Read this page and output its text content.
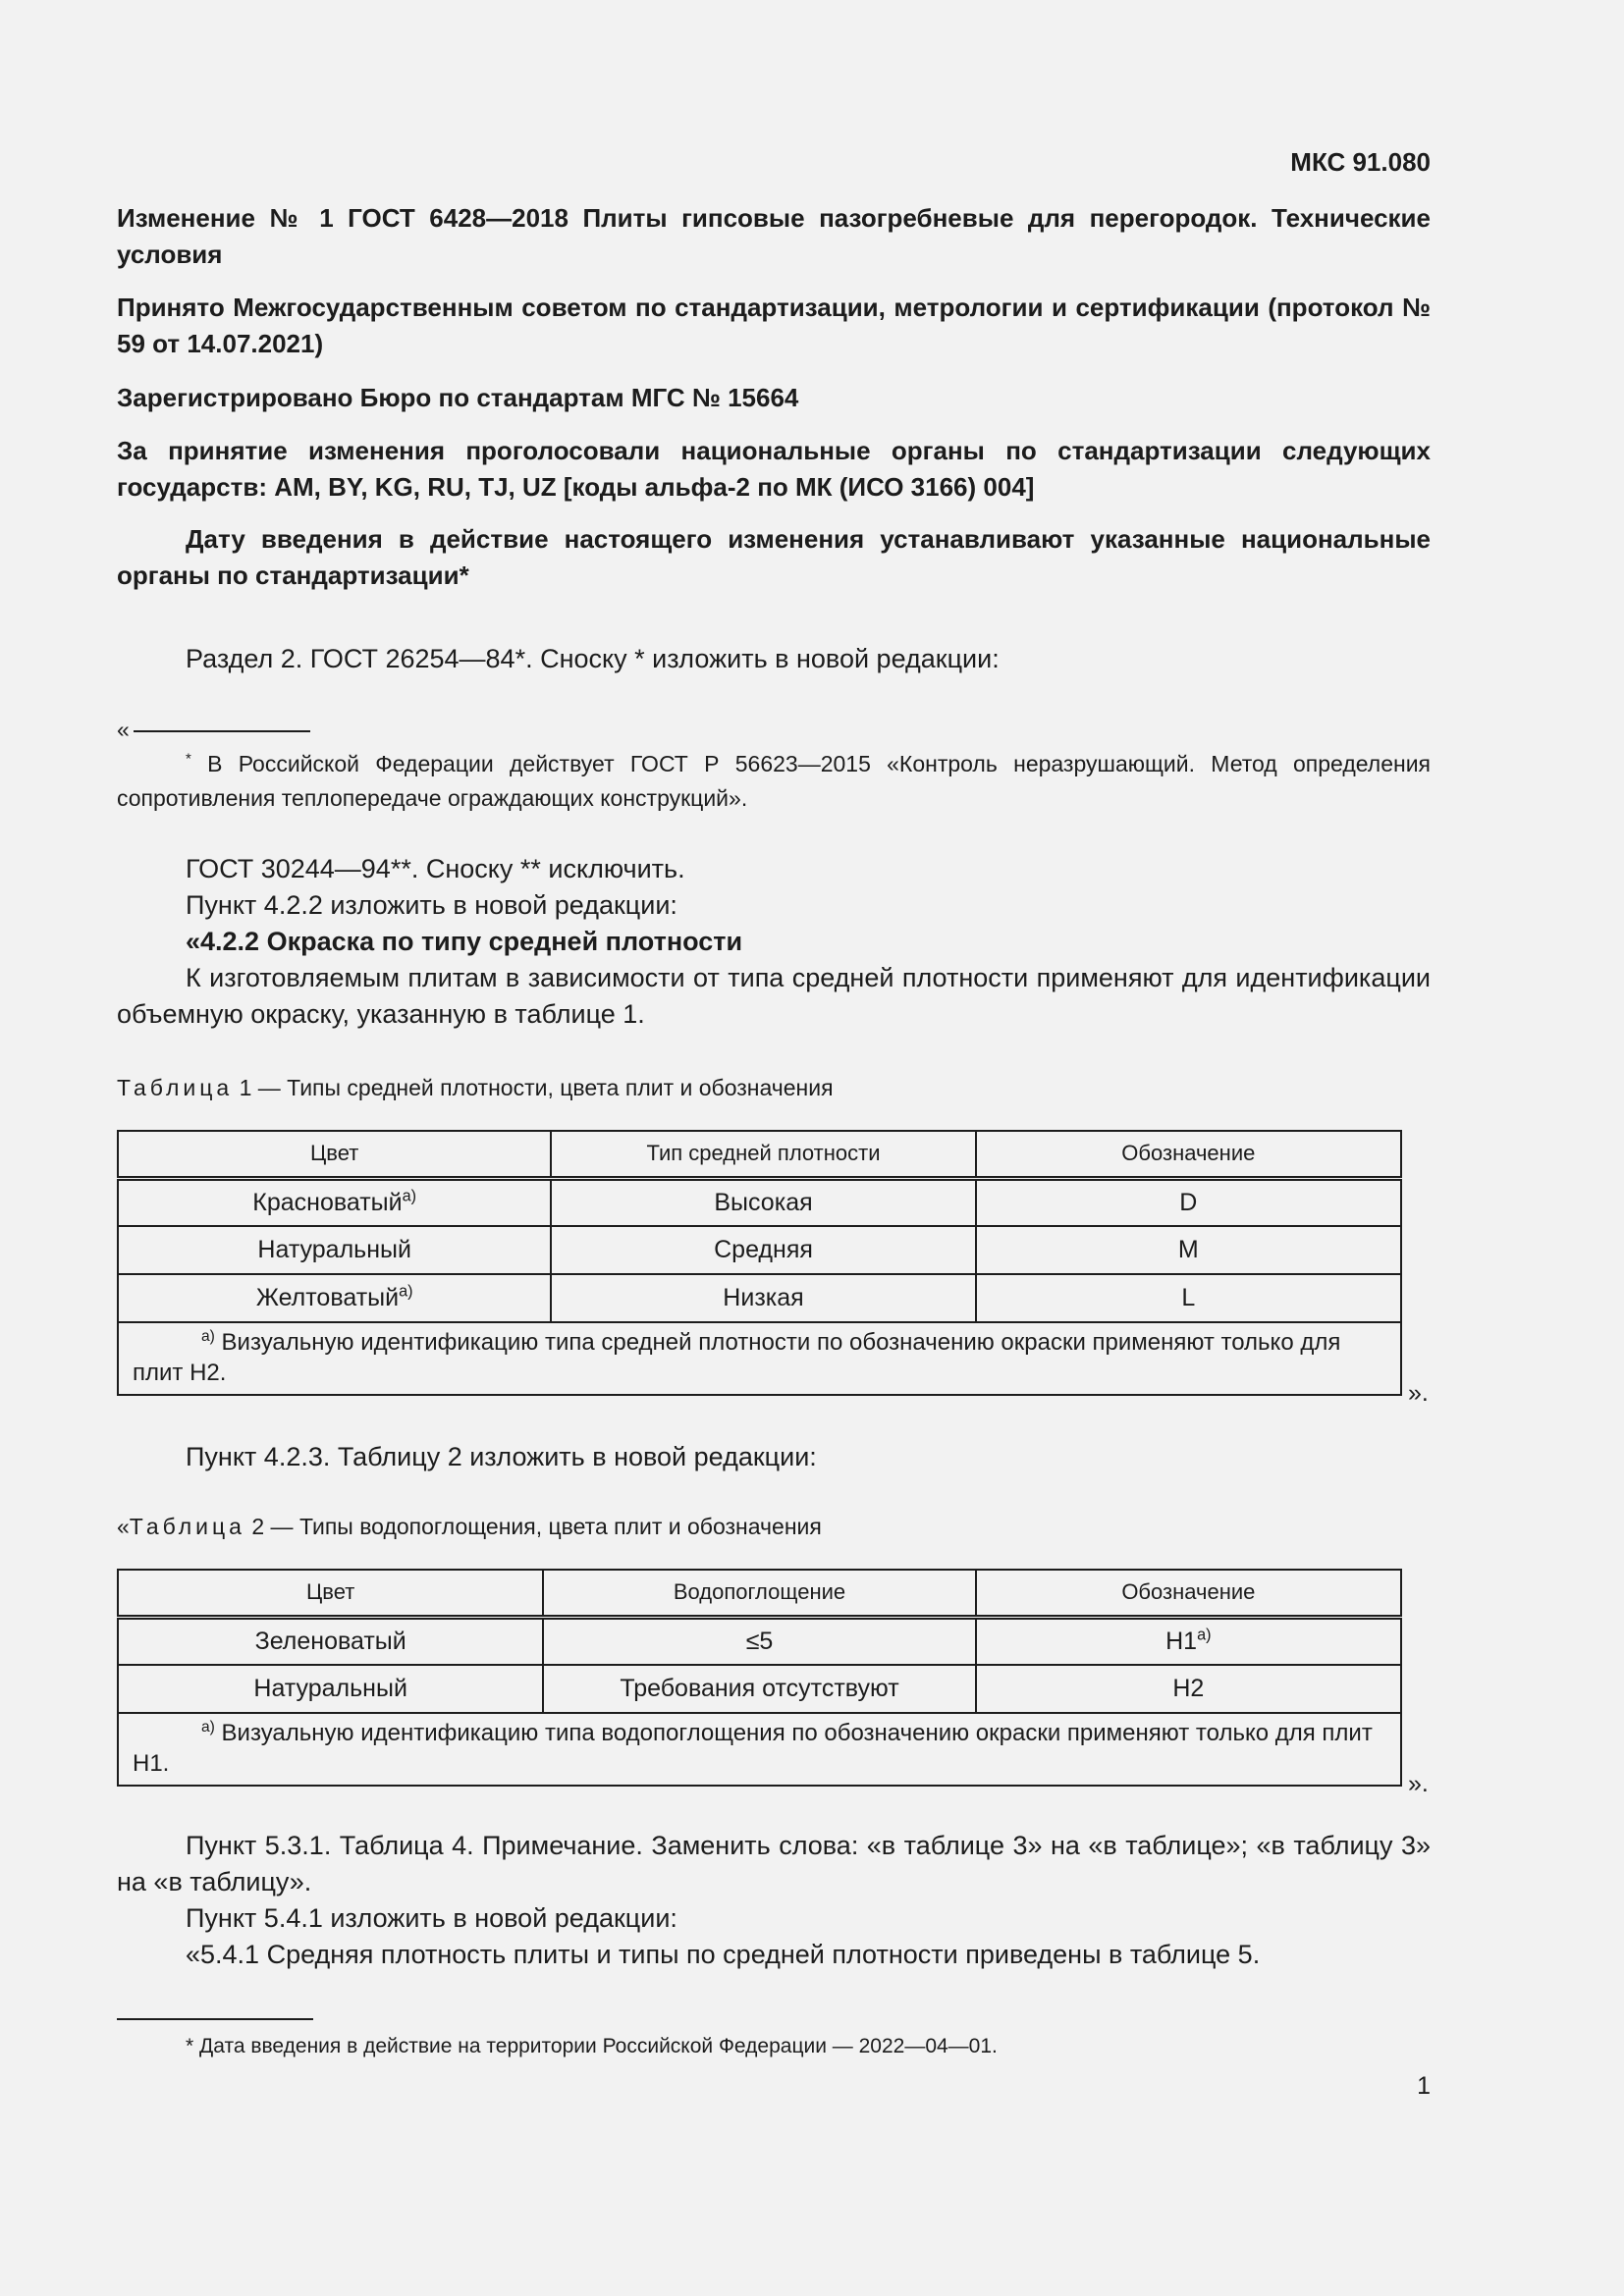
МКС 91.080
Изменение № 1 ГОСТ 6428—2018 Плиты гипсовые пазогребневые для перегородок. Технические условия
Принято Межгосударственным советом по стандартизации, метрологии и сертификации (протокол № 59 от 14.07.2021)
Зарегистрировано Бюро по стандартам МГС № 15664
За принятие изменения проголосовали национальные органы по стандартизации следующих государств: AM, BY, KG, RU, TJ, UZ [коды альфа-2 по МК (ИСО 3166) 004]
Дату введения в действие настоящего изменения устанавливают указанные национальные органы по стандартизации*
Раздел 2. ГОСТ 26254—84*. Сноску * изложить в новой редакции:
«
* В Российской Федерации действует ГОСТ Р 56623—2015 «Контроль неразрушающий. Метод определения сопротивления теплопередаче ограждающих конструкций».
ГОСТ 30244—94**. Сноску ** исключить.
Пункт 4.2.2 изложить в новой редакции:
«4.2.2 Окраска по типу средней плотности
К изготовляемым плитам в зависимости от типа средней плотности применяют для идентификации объемную окраску, указанную в таблице 1.
Таблица 1 — Типы средней плотности, цвета плит и обозначения
Цвет	Тип средней плотности	Обозначение
Красноватый$^{а)}$	Высокая	D
Натуральный	Средняя	M
Желтоватый$^{а)}$	Низкая	L
$^{а)}$ Визуальную идентификацию типа средней плотности по обозначению окраски применяют только для плит Н2.		
».
Пункт 4.2.3. Таблицу 2 изложить в новой редакции:
«Таблица 2 — Типы водопоглощения, цвета плит и обозначения
Цвет	Водопоглощение	Обозначение
Зеленоватый	≤5	$Н1^{а)}$
Натуральный	Требования отсутствуют	Н2
$^{а)}$ Визуальную идентификацию типа водопоглощения по обозначению окраски применяют только для плит Н1.		
».
Пункт 5.3.1. Таблица 4. Примечание. Заменить слова: «в таблице 3» на «в таблице»; «в таблицу 3» на «в таблицу».
Пункт 5.4.1 изложить в новой редакции:
«5.4.1 Средняя плотность плиты и типы по средней плотности приведены в таблице 5.
* Дата введения в действие на территории Российской Федерации — 2022—04—01.
1
